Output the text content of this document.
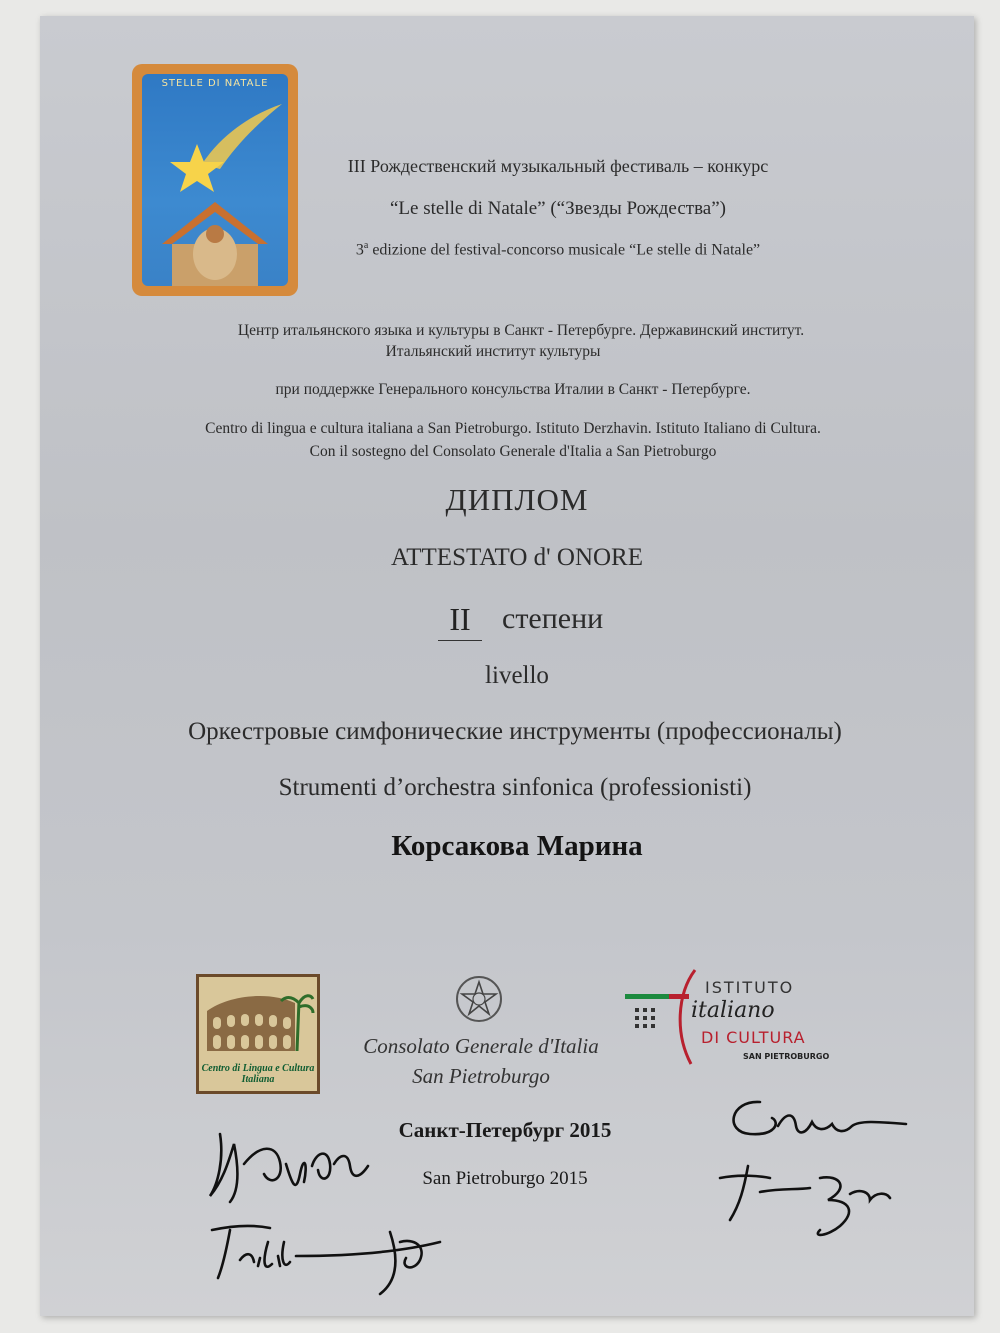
STELLE DI NATALE
III Рождественский музыкальный фестиваль – конкурс
“Le stelle di Natale” (“Звезды Рождества”)
3$^a$ edizione del festival-concorso musicale “Le stelle di Natale”
Центр итальянского языка и культуры в Санкт - Петербурге. Державинский институт.
Итальянский институт культуры
при поддержке Генерального консульства Италии в Санкт - Петербурге.
Centro di lingua e cultura italiana a San Pietroburgo. Istituto Derzhavin. Istituto Italiano di Cultura.
Con il sostegno del Consolato Generale d'Italia a San Pietroburgo
ДИПЛОМ
ATTESTATO d' ONORE
II	степени
livello
Оркестровые симфонические инструменты (профессионалы)
Strumenti d’orchestra sinfonica (professionisti)
Корсакова Марина
Centro di Lingua e Cultura Italiana
Consolato Generale d'Italia
San Pietroburgo
ISTITUTO
italiano
DI CULTURA
SAN PIETROBURGO
Санкт-Петербург 2015
San Pietroburgo 2015
